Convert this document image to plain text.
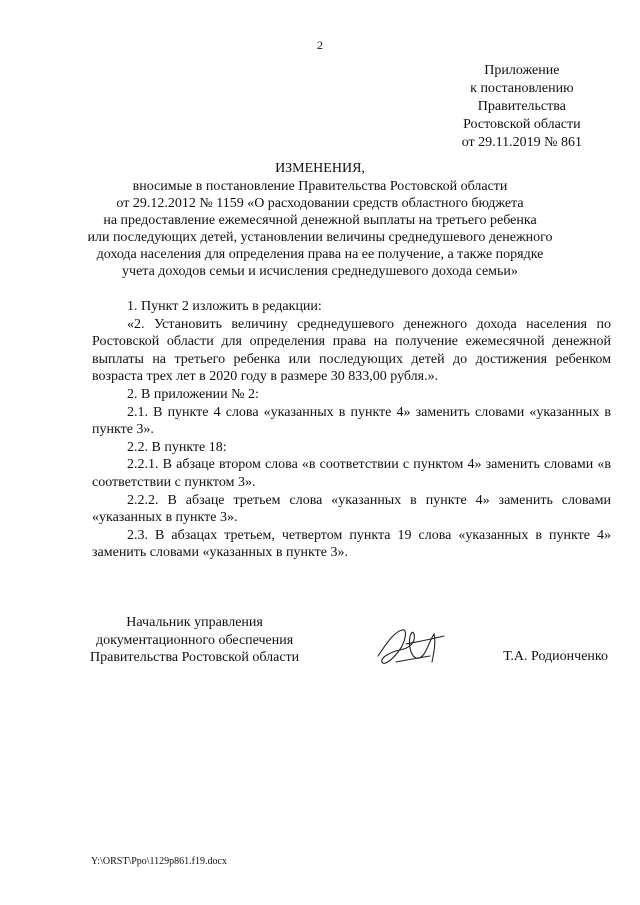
2
Приложение
к постановлению
Правительства
Ростовской области
от 29.11.2019 № 861
ИЗМЕНЕНИЯ,
вносимые в постановление Правительства Ростовской области
от 29.12.2012 № 1159 «О расходовании средств областного бюджета
на предоставление ежемесячной денежной выплаты на третьего ребенка
или последующих детей, установлении величины среднедушевого денежного
дохода населения для определения права на ее получение, а также порядке
учета доходов семьи и исчисления среднедушевого дохода семьи»

1. Пункт 2 изложить в редакции:

«2. Установить величину среднедушевого денежного дохода населения по Ростовской области для определения права на получение ежемесячной денежной выплаты на третьего ребенка или последующих детей до достижения ребенком возраста трех лет в 2020 году в размере 30 833,00 рубля.».

2. В приложении № 2:

2.1. В пункте 4 слова «указанных в пункте 4» заменить словами «указанных в пункте 3».

2.2. В пункте 18:

2.2.1. В абзаце втором слова «в соответствии с пунктом 4» заменить словами «в соответствии с пунктом 3».

2.2.2. В абзаце третьем слова «указанных в пункте 4» заменить словами «указанных в пункте 3».

2.3. В абзацах третьем, четвертом пункта 19 слова «указанных в пункте 4» заменить словами «указанных в пункте 3».

Начальник управления
документационного обеспечения
Правительства Ростовской области	Т.А. Родионченко
Y:\ORST\Ppo\1129p861.f19.docx
